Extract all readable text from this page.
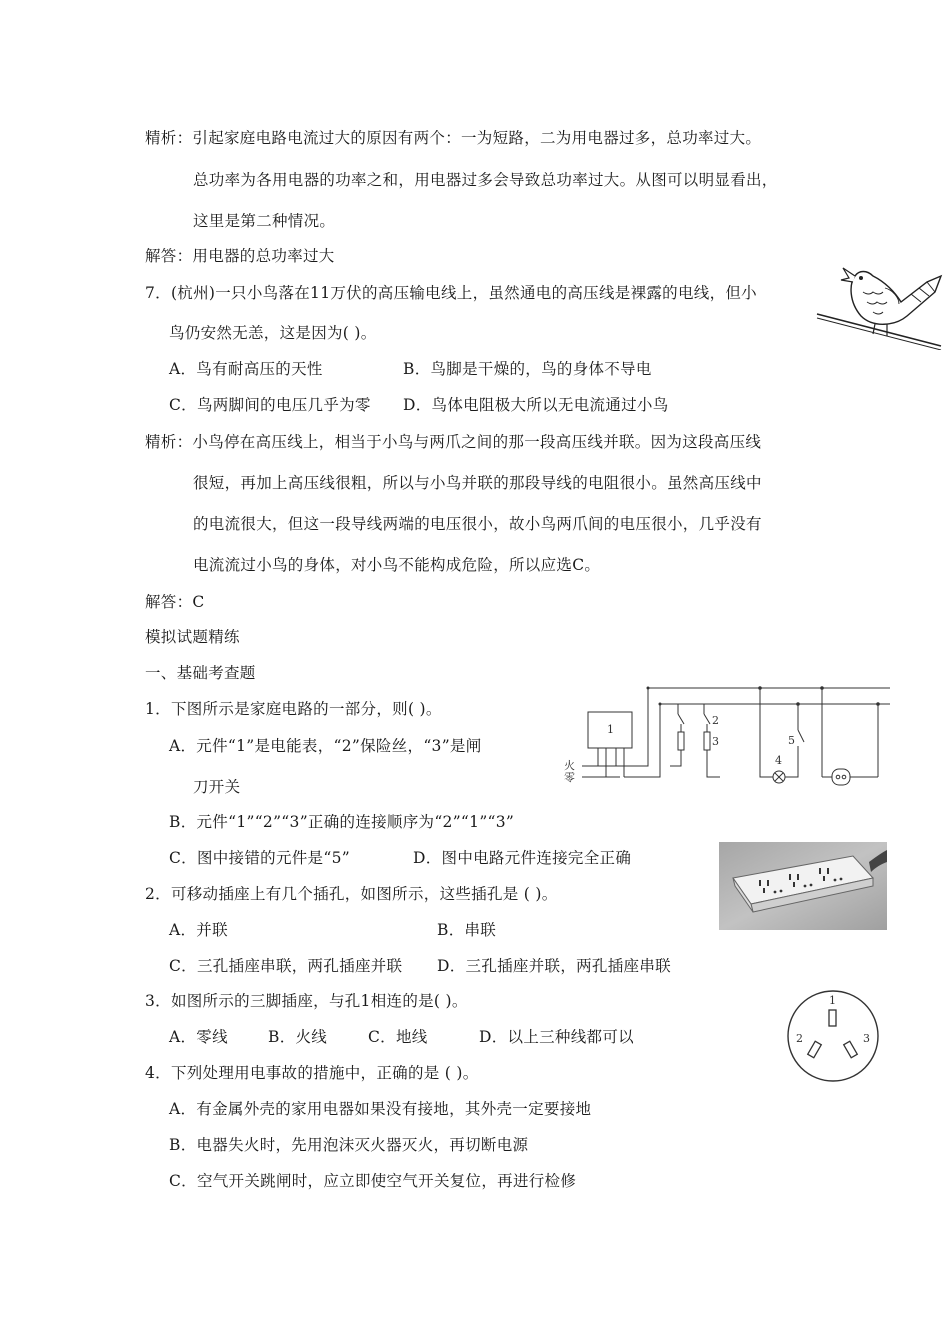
精析：引起家庭电路电流过大的原因有两个：一为短路，二为用电器过多，总功率过大。
总功率为各用电器的功率之和，用电器过多会导致总功率过大。从图可以明显看出，
这里是第二种情况。
解答：用电器的总功率过大
7．(杭州)一只小鸟落在11万伏的高压输电线上，虽然通电的高压线是裸露的电线，但小
鸟仍安然无恙，这是因为( )。
A．鸟有耐高压的天性	B．鸟脚是干燥的，鸟的身体不导电
C．鸟两脚间的电压几乎为零 D．鸟体电阻极大所以无电流通过小鸟
精析：小鸟停在高压线上，相当于小鸟与两爪之间的那一段高压线并联。因为这段高压线
很短，再加上高压线很粗，所以与小鸟并联的那段导线的电阻很小。虽然高压线中
的电流很大，但这一段导线两端的电压很小，故小鸟两爪间的电压很小，几乎没有
电流流过小鸟的身体，对小鸟不能构成危险，所以应选C。
解答：C
模拟试题精练
一、基础考查题
1．下图所示是家庭电路的一部分，则( )。
A．元件“1”是电能表，“2”保险丝，“3”是闸
刀开关
B．元件“1”“2”“3”正确的连接顺序为“2”“1”“3”
C．图中接错的元件是“5”	D．图中电路元件连接完全正确
火
零
1
2
3
4
5
2．可移动插座上有几个插孔，如图所示，这些插孔是 ( )。
A．并联	B．串联
C．三孔插座串联，两孔插座并联 D．三孔插座并联，两孔插座串联
3．如图所示的三脚插座，与孔1相连的是( )。
A．零线	B．火线	C．地线	D．以上三种线都可以
1
2	3
4．下列处理用电事故的措施中，正确的是 ( )。
A．有金属外壳的家用电器如果没有接地，其外壳一定要接地
B．电器失火时，先用泡沫灭火器灭火，再切断电源
C．空气开关跳闸时，应立即使空气开关复位，再进行检修
